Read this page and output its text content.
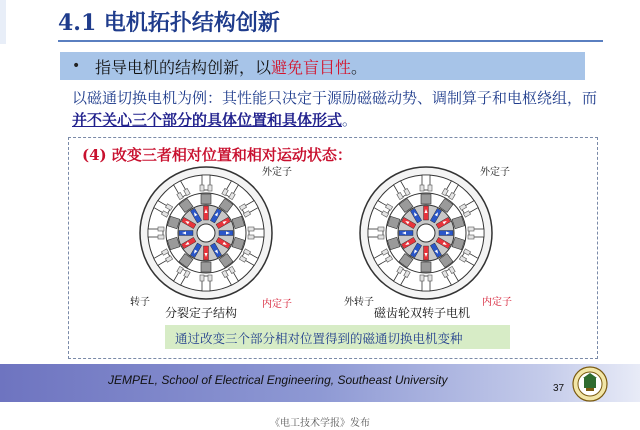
4.1 电机拓扑结构创新
• 指导电机的结构创新，以避免盲目性。
以磁通切换电机为例：其性能只决定于源励磁磁动势、调制算子和电枢绕组，而并不关心三个部分的具体位置和具体形式。
(4) 改变三者相对位置和相对运动状态：
外定子
转子	内定子
分裂定子结构
外定子
外转子	内定子
磁齿轮双转子电机
通过改变三个部分相对位置得到的磁通切换电机变种
JEMPEL, School of Electrical Engineering, Southeast University
37
《电工技术学报》发布
